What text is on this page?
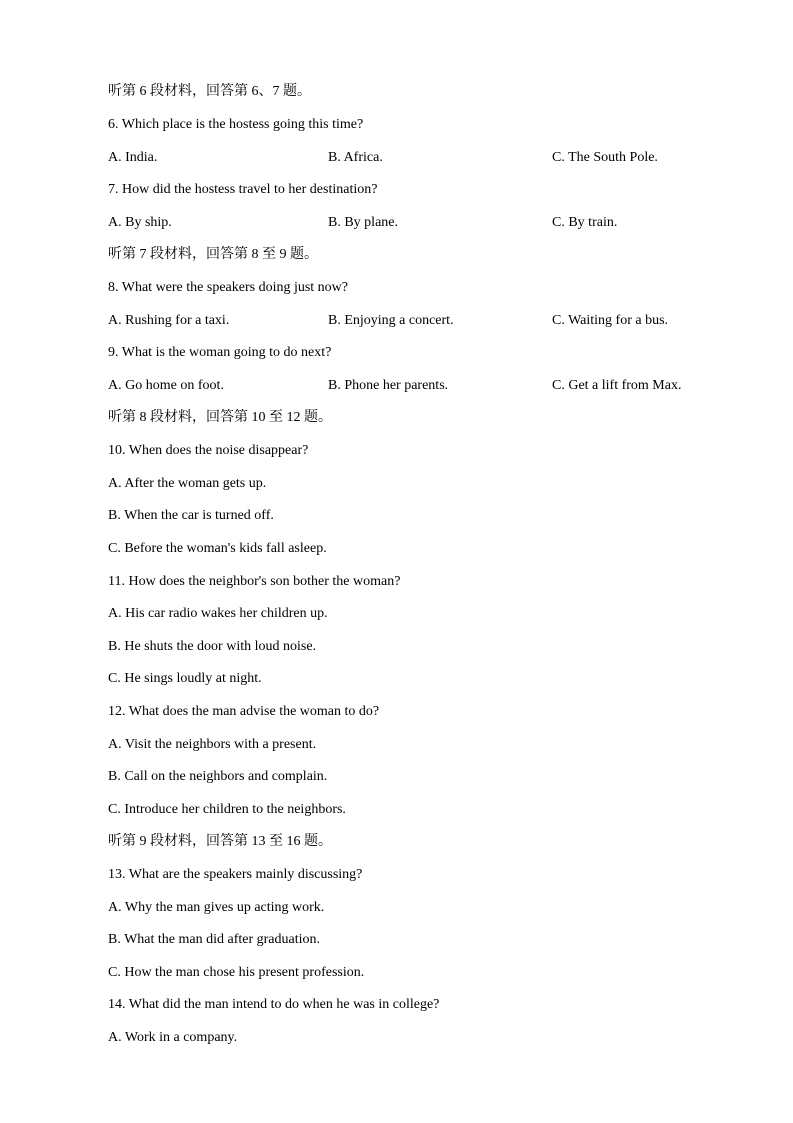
听第 6 段材料，回答第 6、7 题。
6. Which place is the hostess going this time?
A. India.	B. Africa.	C. The South Pole.
7. How did the hostess travel to her destination?
A. By ship.	B. By plane.	C. By train.
听第 7 段材料，回答第 8 至 9 题。
8. What were the speakers doing just now?
A. Rushing for a taxi.	B. Enjoying a concert.	C. Waiting for a bus.
9. What is the woman going to do next?
A. Go home on foot.	B. Phone her parents.	C. Get a lift from Max.
听第 8 段材料，回答第 10 至 12 题。
10. When does the noise disappear?
A. After the woman gets up.
B. When the car is turned off.
C. Before the woman's kids fall asleep.
11. How does the neighbor's son bother the woman?
A. His car radio wakes her children up.
B. He shuts the door with loud noise.
C. He sings loudly at night.
12. What does the man advise the woman to do?
A. Visit the neighbors with a present.
B. Call on the neighbors and complain.
C. Introduce her children to the neighbors.
听第 9 段材料，回答第 13 至 16 题。
13. What are the speakers mainly discussing?
A. Why the man gives up acting work.
B. What the man did after graduation.
C. How the man chose his present profession.
14. What did the man intend to do when he was in college?
A. Work in a company.
